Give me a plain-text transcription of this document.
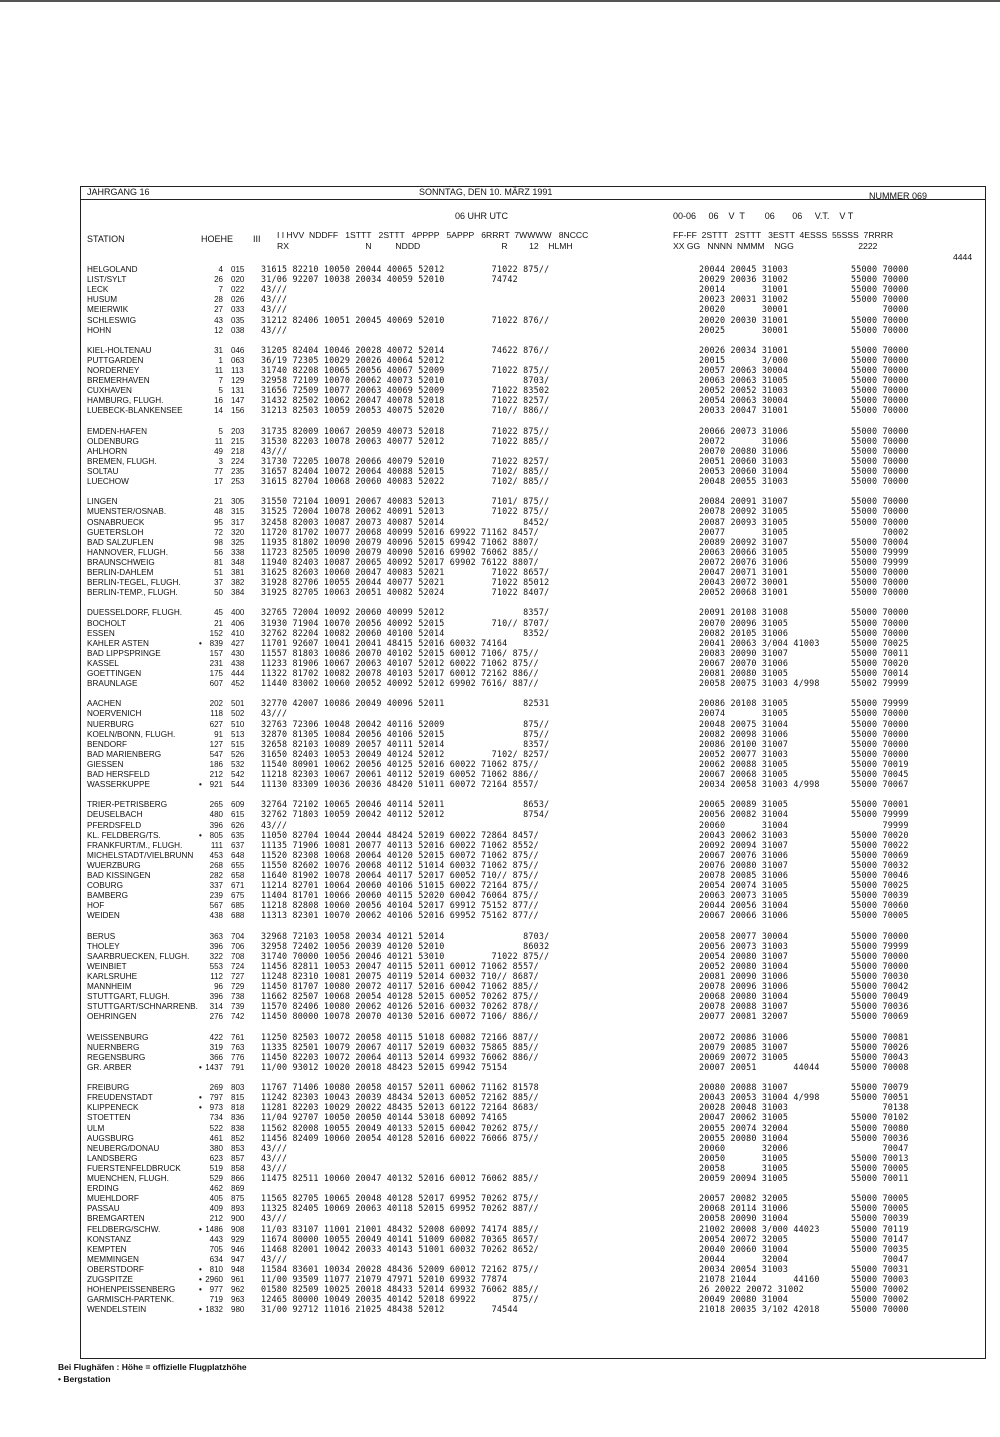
JAHRGANG 16	SONNTAG, DEN 10. MÄRZ 1991	NUMMER 069
06 UHR UTC	00-06     06    V  T        06       06     V.T.    V T
STATION	HOEHE III I I HVV  NDDFF   1STTT   2STTT   4PPPP   5APPP   6RRRT  7WWWW   8NCCC
RX                                N          NDDD                                  R         12    HLMH
FF-FF  2STTT   2STTT   3ESTT  4ESSS  55SSS  7RRRR
XX GG   NNNN  NMMM    NGG                           2222
4444
HELGOLAND	4 015 31615 82210 10050 20044 40065 52012         71022 875//	20044 20045 31003	55000 70000
LIST/SYLT	26 020 31/06 92207 10038 20034 40059 52010         74742	20029 20036 31002	55000 70000
LECK	7 022 43///	20014       31001	55000 70000
HUSUM	28 026 43///	20023 20031 31002	55000 70000
MEIERWIK	27 033 43///	20020       30001	70000
SCHLESWIG	43 035 31212 82406 10051 20045 40069 52010         71022 876//	20020 20030 31001	55000 70000
HOHN	12 038 43///	20025       30001	55000 70000
KIEL-HOLTENAU	31 046 31205 82404 10046 20028 40072 52014         74622 876//	20026 20034 31001	55000 70000
PUTTGARDEN	1 063 36/19 72305 10029 20026 40064 52012	20015       3/000	55000 70000
NORDERNEY	11 113 31740 82208 10065 20056 40067 52009         71022 875//	20057 20063 30004	55000 70000
BREMERHAVEN	7 129 32958 72109 10070 20062 40073 52010               8703/	20063 20063 31005	55000 70000
CUXHAVEN	5 131 31656 72509 10077 20063 40069 52009         71022 83502	20052 20052 31003	55000 70000
HAMBURG, FLUGH.	16 147 31432 82502 10062 20047 40078 52018         71022 8257/	20054 20063 30004	55000 70000
LUEBECK-BLANKENSEE	14 156 31213 82503 10059 20053 40075 52020         710// 886//	20033 20047 31001	55000 70000
EMDEN-HAFEN	5 203 31735 82009 10067 20059 40073 52018         71022 875//	20066 20073 31006	55000 70000
OLDENBURG	11 215 31530 82203 10078 20063 40077 52012         71022 885//	20072       31006	55000 70000
AHLHORN	49 218 43///	20070 20080 31006	55000 70000
BREMEN, FLUGH.	3 224 31730 72205 10078 20066 40079 52010         71022 8257/	20051 20060 31003	55000 70000
SOLTAU	77 235 31657 82404 10072 20064 40088 52015         7102/ 885//	20053 20060 31004	55000 70000
LUECHOW	17 253 31615 82704 10068 20060 40083 52022         7102/ 885//	20048 20055 31003	55000 70000
LINGEN	21 305 31550 72104 10091 20067 40083 52013         7101/ 875//	20084 20091 31007	55000 70000
MUENSTER/OSNAB.	48 315 31525 72004 10078 20062 40091 52013         71022 875//	20078 20092 31005	55000 70000
OSNABRUECK	95 317 32458 82003 10087 20073 40087 52014               8452/	20087 20093 31005	55000 70000
GUETERSLOH	72 320 11720 81702 10077 20068 40099 52016 69922 71162 8457/	20077       31005	70002
BAD SALZUFLEN	98 325 11935 81802 10090 20079 40096 52015 69942 71062 8807/	20089 20092 31007	55000 70004
HANNOVER, FLUGH.	56 338 11723 82505 10090 20079 40090 52016 69902 76062 885//	20063 20066 31005	55000 79999
BRAUNSCHWEIG	81 348 11940 82403 10087 20065 40092 52017 69902 76122 8807/	20072 20076 31006	55000 79999
BERLIN-DAHLEM	51 381 31625 82603 10060 20047 40083 52021         71022 8657/	20047 20071 31001	55000 70000
BERLIN-TEGEL, FLUGH.	37 382 31928 82706 10055 20044 40077 52021         71022 85012	20043 20072 30001	55000 70000
BERLIN-TEMP., FLUGH.	50 384 31925 82705 10063 20051 40082 52024         71022 8407/	20052 20068 31001	55000 70000
DUESSELDORF, FLUGH.	45 400 32765 72004 10092 20060 40099 52012               8357/	20091 20108 31008	55000 70000
BOCHOLT	21 406 31930 71904 10070 20056 40092 52015         710// 8707/	20070 20096 31005	55000 70000
ESSEN	152 410 32762 82204 10082 20060 40100 52014               8352/	20082 20105 31006	55000 70000
KAHLER ASTEN	• 839 427 11701 92607 10041 20041 48415 52016 60032 74164	20041 20063 3/004 41003	55000 70025
BAD LIPPSPRINGE	157 430 11557 81803 10086 20070 40102 52015 60012 7106/ 875//	20083 20090 31007	55000 70011
KASSEL	231 438 11233 81906 10067 20063 40107 52012 60022 71062 875//	20067 20070 31006	55000 70020
GOETTINGEN	175 444 11322 81702 10082 20078 40103 52017 60012 72162 886//	20081 20080 31005	55000 70014
BRAUNLAGE	607 452 11440 83002 10060 20052 40092 52012 69902 7616/ 887//	20058 20075 31003 4/998	55002 79999
AACHEN	202 501 32770 42007 10086 20049 40096 52011               82531	20086 20108 31005	55000 79999
NOERVENICH	118 502 43///	20074       31005	55000 70000
NUERBURG	627 510 32763 72306 10048 20042 40116 52009               875//	20048 20075 31004	55000 70000
KOELN/BONN, FLUGH.	91 513 32870 81305 10084 20056 40106 52015               875//	20082 20098 31006	55000 70000
BENDORF	127 515 32658 82103 10089 20057 40111 52014               8357/	20086 20100 31007	55000 70000
BAD MARIENBERG	547 526 31650 82403 10053 20049 40124 52012         7102/ 8257/	20052 20077 31003	55000 70000
GIESSEN	186 532 11540 80901 10062 20056 40125 52016 60022 71062 875//	20062 20088 31005	55000 70019
BAD HERSFELD	212 542 11218 82303 10067 20061 40112 52019 60052 71062 886//	20067 20068 31005	55000 70045
WASSERKUPPE	• 921 544 11130 83309 10036 20036 48420 51011 60072 72164 8557/	20034 20058 31003 4/998	55000 70067
TRIER-PETRISBERG	265 609 32764 72102 10065 20046 40114 52011               8653/	20065 20089 31005	55000 70001
DEUSELBACH	480 615 32762 71803 10059 20042 40112 52012               8754/	20056 20082 31004	55000 79999
PFERDSFELD	396 626 43///	20060       31004	79999
KL. FELDBERG/TS.	• 805 635 11050 82704 10044 20044 48424 52019 60022 72864 8457/	20043 20062 31003	55000 70020
FRANKFURT/M., FLUGH.	111 637 11135 71906 10081 20077 40113 52016 60022 71062 8552/	20092 20094 31007	55000 70022
MICHELSTADT/VIELBRUNN	453 648 11520 82308 10068 20064 40120 52015 60072 71062 875//	20067 20076 31006	55000 70069
WUERZBURG	268 655 11550 82602 10076 20068 40112 51014 60032 71062 875//	20076 20080 31007	55000 70032
BAD KISSINGEN	282 658 11640 81902 10078 20064 40117 52017 60052 710// 875//	20078 20085 31006	55000 70046
COBURG	337 671 11214 82701 10064 20060 40106 51015 60022 72164 875//	20054 20074 31005	55000 70025
BAMBERG	239 675 11404 81701 10066 20060 40115 52020 60042 76064 875//	20063 20073 31005	55000 70039
HOF	567 685 11218 82808 10060 20056 40104 52017 69912 75152 877//	20044 20056 31004	55000 70060
WEIDEN	438 688 11313 82301 10070 20062 40106 52016 69952 75162 877//	20067 20066 31006	55000 70005
BERUS	363 704 32968 72103 10058 20034 40121 52014               8703/	20058 20077 30004	55000 70000
THOLEY	396 706 32958 72402 10056 20039 40120 52010               86032	20056 20073 31003	55000 79999
SAARBRUECKEN, FLUGH.	322 708 31740 70000 10056 20046 40121 53010         71022 875//	20054 20080 31007	55000 70000
WEINBIET	553 724 11456 82811 10053 20047 40115 52011 60012 71062 8557/	20052 20080 31004	55000 70000
KARLSRUHE	112 727 11248 82310 10081 20075 40119 52014 60032 710// 8687/	20081 20090 31006	55000 70030
MANNHEIM	96 729 11450 81707 10080 20072 40117 52016 60042 71062 885//	20078 20096 31006	55000 70042
STUTTGART, FLUGH.	396 738 11662 82507 10068 20054 40128 52015 60052 70262 875//	20068 20080 31004	55000 70049
STUTTGART/SCHNARRENB.	314 739 11570 82406 10080 20062 40126 52016 60032 70262 878//	20078 20088 31007	55000 70036
OEHRINGEN	276 742 11450 80000 10078 20070 40130 52016 60072 7106/ 886//	20077 20081 32007	55000 70069
WEISSENBURG	422 761 11250 82503 10072 20058 40115 51018 60082 72166 887//	20072 20086 31006	55000 70081
NUERNBERG	319 763 11335 82501 10079 20067 40117 52019 60032 75865 885//	20079 20085 31007	55000 70026
REGENSBURG	366 776 11450 82203 10072 20064 40113 52014 69932 76062 886//	20069 20072 31005	55000 70043
GR. ARBER	• 1437 791 11/00 93012 10020 20018 48423 52015 69942 75154	20007 20051       44044	55000 70008
FREIBURG	269 803 11767 71406 10080 20058 40157 52011 60062 71162 81578	20080 20088 31007	55000 70079
FREUDENSTADT	• 797 815 11242 82303 10043 20039 48434 52013 60052 72162 885//	20043 20053 31004 4/998	55000 70051
KLIPPENECK	• 973 818 11281 82203 10029 20022 48435 52013 60122 72164 8683/	20028 20048 31003	70138
STOETTEN	734 836 11/04 92707 10050 20050 40144 53018 60092 74165	20047 20062 31005	55000 70102
ULM	522 838 11562 82008 10055 20049 40133 52015 60042 70262 875//	20055 20074 32004	55000 70080
AUGSBURG	461 852 11456 82409 10060 20054 40128 52016 60022 76066 875//	20055 20080 31004	55000 70036
NEUBERG/DONAU	380 853 43///	20060       32006	70047
LANDSBERG	623 857 43///	20050       31005	55000 70013
FUERSTENFELDBRUCK	519 858 43///	20058       31005	55000 70005
MUENCHEN, FLUGH.	529 866 11475 82511 10060 20047 40132 52016 60012 76062 885//	20059 20094 31005	55000 70011
ERDING	462 869
MUEHLDORF	405 875 11565 82705 10065 20048 40128 52017 69952 70262 875//	20057 20082 32005	55000 70005
PASSAU	409 893 11325 82405 10069 20063 40118 52015 69952 70262 887//	20068 20114 31006	55000 70005
BREMGARTEN	212 900 43///	20058 20090 31004	55000 70039
FELDBERG/SCHW.	• 1486 908 11/03 83107 11001 21001 48432 52008 60092 74174 885//	21002 20008 3/000 44023	55000 70119
KONSTANZ	443 929 11674 80000 10055 20049 40141 51009 60082 70365 8657/	20054 20072 32005	55000 70147
KEMPTEN	705 946 11468 82001 10042 20033 40143 51001 60032 70262 8652/	20040 20060 31004	55000 70035
MEMMINGEN	634 947 43///	20044       32004	70047
OBERSTDORF	• 810 948 11584 83601 10034 20028 48436 52009 60012 72162 875//	20034 20054 31003	55000 70031
ZUGSPITZE	• 2960 961 11/00 93509 11077 21079 47971 52010 69932 77874	21078 21044       44160	55000 70003
HOHENPEISSENBERG	• 977 962 01580 82509 10025 20018 48433 52014 69932 76062 885//	26 20022 20072 31002	55000 70002
GARMISCH-PARTENK.	719 963 12465 80000 10049 20035 40142 52018 69922       875//	20049 20080 31004	55000 70002
WENDELSTEIN	• 1832 980 31/00 92712 11016 21025 48438 52012         74544	21018 20035 3/102 42018	55000 70000
Bei Flughäfen : Höhe = offizielle Flugplatzhöhe
• Bergstation
